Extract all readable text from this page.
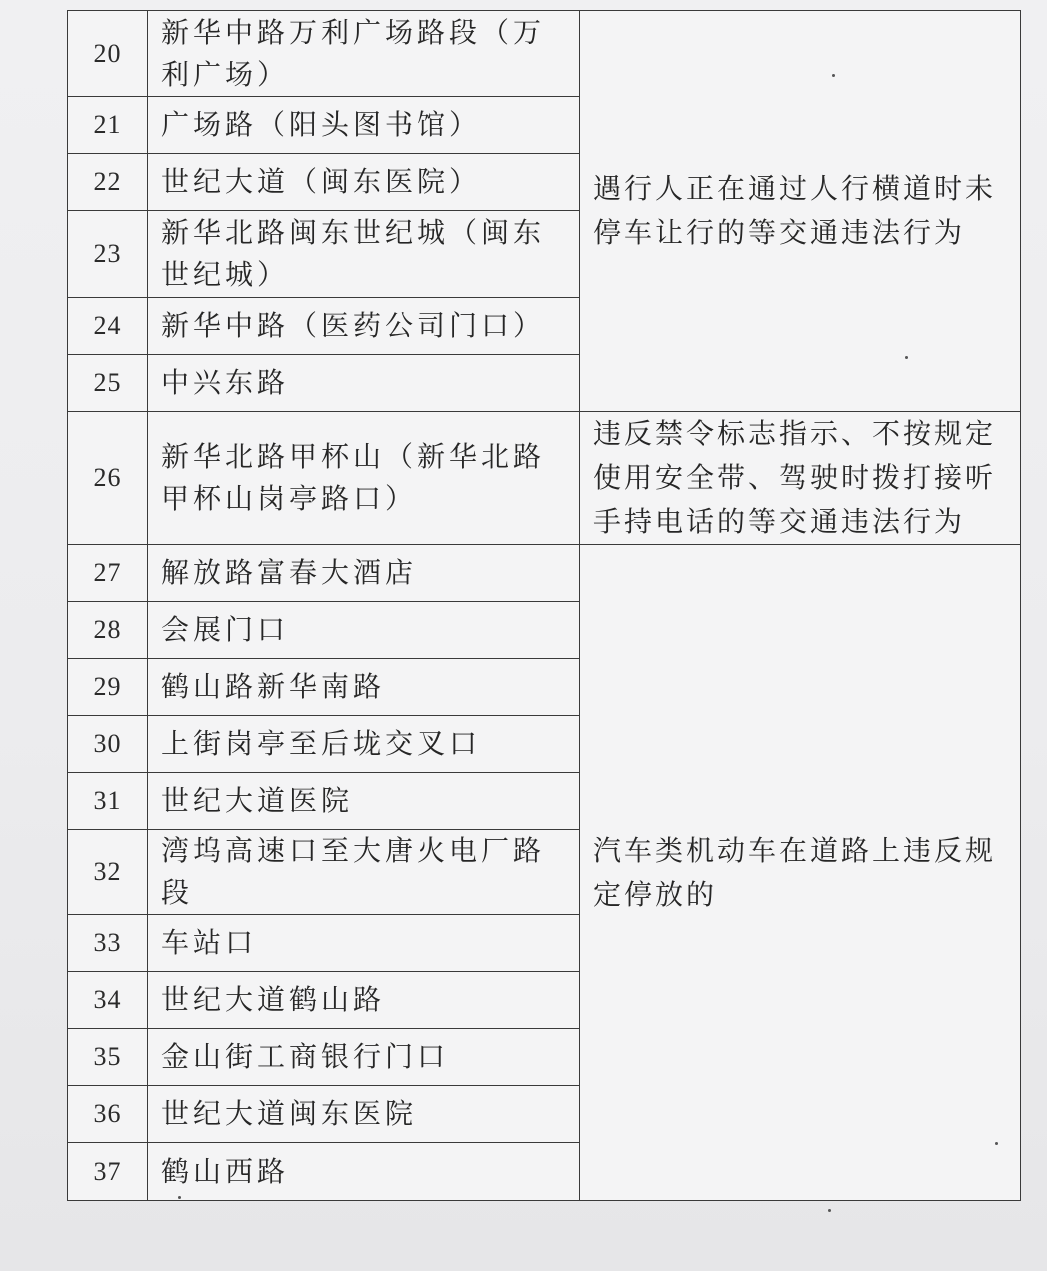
20	新华中路万利广场路段（万利广场）	遇行人正在通过人行横道时未停车让行的等交通违法行为
21	广场路（阳头图书馆）	
22	世纪大道（闽东医院）	
23	新华北路闽东世纪城（闽东世纪城）	
24	新华中路（医药公司门口）	
25	中兴东路	
26	新华北路甲杯山（新华北路甲杯山岗亭路口）	违反禁令标志指示、不按规定使用安全带、驾驶时拨打接听手持电话的等交通违法行为
27	解放路富春大酒店	汽车类机动车在道路上违反规定停放的
28	会展门口	
29	鹤山路新华南路	
30	上街岗亭至后垅交叉口	
31	世纪大道医院	
32	湾坞高速口至大唐火电厂路段	
33	车站口	
34	世纪大道鹤山路	
35	金山街工商银行门口	
36	世纪大道闽东医院	
37	鹤山西路	
